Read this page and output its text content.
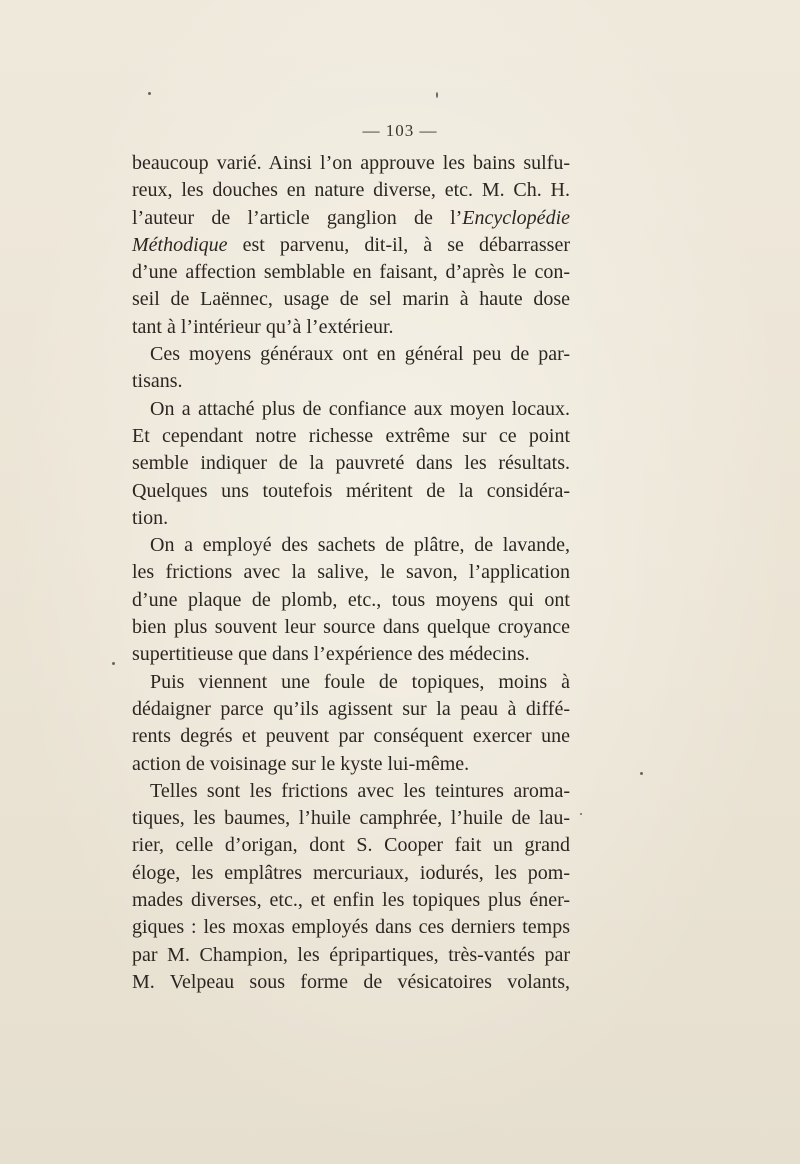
— 103 —
beaucoup varié. Ainsi l’on approuve les bains sulfu-
reux, les douches en nature diverse, etc. M. Ch. H.
l’auteur de l’article ganglion de l’Encyclopédie
Méthodique est parvenu, dit-il, à se débarrasser
d’une affection semblable en faisant, d’après le con-
seil de Laënnec, usage de sel marin à haute dose
tant à l’intérieur qu’à l’extérieur.
Ces moyens généraux ont en général peu de par-
tisans.
On a attaché plus de confiance aux moyen locaux.
Et cependant notre richesse extrême sur ce point
semble indiquer de la pauvreté dans les résultats.
Quelques uns toutefois méritent de la considéra-
tion.
On a employé des sachets de plâtre, de lavande,
les frictions avec la salive, le savon, l’application
d’une plaque de plomb, etc., tous moyens qui ont
bien plus souvent leur source dans quelque croyance
supertitieuse que dans l’expérience des médecins.
Puis viennent une foule de topiques, moins à
dédaigner parce qu’ils agissent sur la peau à diffé-
rents degrés et peuvent par conséquent exercer une
action de voisinage sur le kyste lui-même.
Telles sont les frictions avec les teintures aroma-
tiques, les baumes, l’huile camphrée, l’huile de lau-
rier, celle d’origan, dont S. Cooper fait un grand
éloge, les emplâtres mercuriaux, iodurés, les pom-
mades diverses, etc., et enfin les topiques plus éner-
giques : les moxas employés dans ces derniers temps
par M. Champion, les épripartiques, très-vantés par
M. Velpeau sous forme de vésicatoires volants,
